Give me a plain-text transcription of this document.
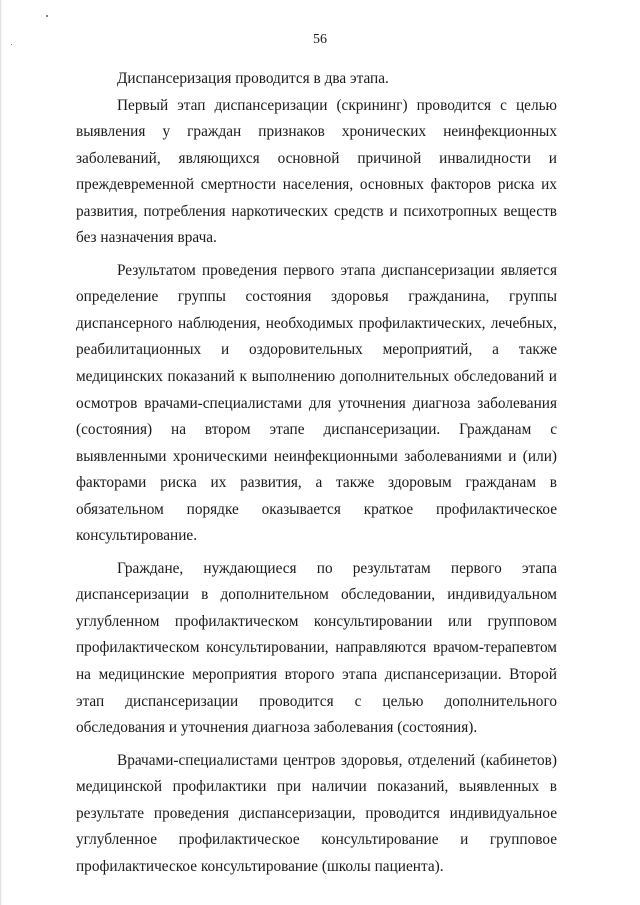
56

Диспансеризация проводится в два этапа.

Первый этап диспансеризации (скрининг) проводится с целью выявления у граждан признаков хронических неинфекционных заболеваний, являющихся основной причиной инвалидности и преждевременной смертности населения, основных факторов риска их развития, потребления наркотических средств и психотропных веществ без назначения врача.

Результатом проведения первого этапа диспансеризации является определение группы состояния здоровья гражданина, группы диспансерного наблюдения, необходимых профилактических, лечебных, реабилитационных и оздоровительных мероприятий, а также медицинских показаний к выполнению дополнительных обследований и осмотров врачами-специалистами для уточнения диагноза заболевания (состояния) на втором этапе диспансеризации. Гражданам с выявленными хроническими неинфекционными заболеваниями и (или) факторами риска их развития, а также здоровым гражданам в обязательном порядке оказывается краткое профилактическое консультирование.

Граждане, нуждающиеся по результатам первого этапа диспансеризации в дополнительном обследовании, индивидуальном углубленном профилактическом консультировании или групповом профилактическом консультировании, направляются врачом-терапевтом на медицинские мероприятия второго этапа диспансеризации. Второй этап диспансеризации проводится с целью дополнительного обследования и уточнения диагноза заболевания (состояния).

Врачами-специалистами центров здоровья, отделений (кабинетов) медицинской профилактики при наличии показаний, выявленных в результате проведения диспансеризации, проводится индивидуальное углубленное профилактическое консультирование и групповое профилактическое консультирование (школы пациента).
